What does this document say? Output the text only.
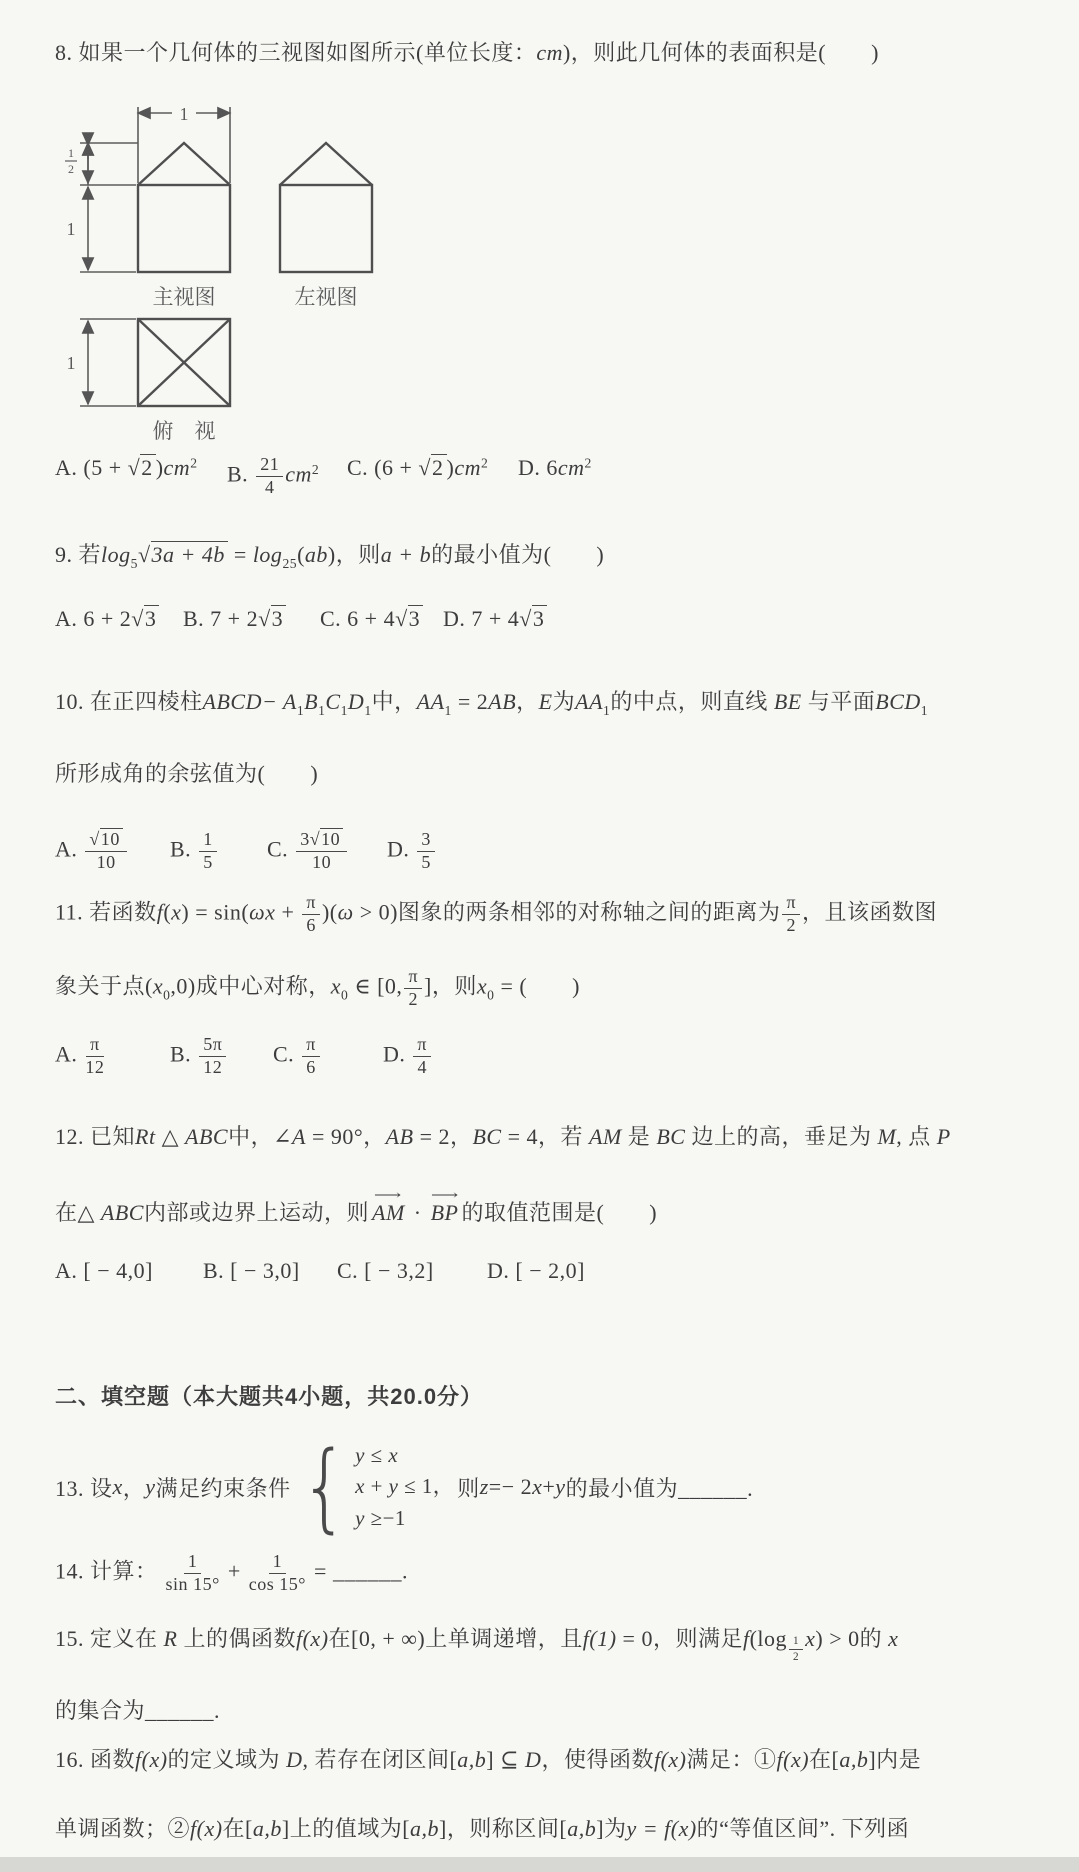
8. 如果一个几何体的三视图如图所示(单位长度：cm)，则此几何体的表面积是(　　)
1
1
2
1
主视图	左视图
1
俯　视
A. (5 + √2 )$cm^2$ B. $\frac{21}{4} cm^2$ C. (6 + √2 )$cm^2$ D. $6cm^2$
9. 若$\log_5√3a + 4b = \log_{25}(ab)$，则a + b的最小值为(　　)
A. 6 + 2√3 B. 7 + 2√3 C. 6 + 4√3 D. 7 + 4√3
10. 在正四棱柱ABCD− $A_1B_1C_1D_1$中，$AA_1 = 2AB$，E为$AA_1$的中点，则直线 BE 与平面$BCD_1$
所形成角的余弦值为(　　)
A. $\frac{√10}{10} B$. $\frac{1}{5} C$. $\frac{3√10}{10} D$. $\frac{3}{5}$
11. 若函数$f(x) = \sin(\omega x + \frac{\pi}{6} )(\omega > 0)$图象的两条相邻的对称轴之间的距离为 $\frac{\pi}{2}$ ，且该函数图
象关于点$(x_0,0)$成中心对称，$x_0$ ∈ [0, $\frac{\pi}{2}$ ]，则$x_0$ = (　　)
A. $\frac{\pi}{12}$	B. $\frac{5\pi}{12} C$. $\frac{\pi}{6}$	D. $\frac{\pi}{4}$
12. 已知Rt △ ABC中，∠A = 90°，AB = 2，BC = 4，若 AM 是 BC 边上的高，垂足为 M, 点 P
在△ ABC内部或边界上运动，则 AM ⟶ · BP ⟶ 的取值范围是(　　)
A. [ − 4,0] B. [ − 3,0] C. [ − 3,2] D. [ − 2,0]
二、填空题（本大题共4小题，共20.0分）
13. 设 x ， y 满足约束条件 { y ≤ x
x + y ≤ 1，
y ≥−1
则 z =− 2 x + y 的最小值为______.
14. 计算： $\frac{1}{\sin 15^\circ} + \frac{1}{\cos 15^\circ}$ = ______.
15. 定义在 R 上的偶函数f(x)在[0, + ∞)上单调递增，且f(1) = 0，则满足f(log $_{\frac{1}{2}}$ x) > 0的 x
的集合为______.
16. 函数f(x)的定义域为 D, 若存在闭区间[a,b] ⊆ D，使得函数f(x)满足：①f(x)在[a,b]内是
单调函数；②f(x)在[a,b]上的值域为[a,b]，则称区间[a,b]为y = f(x)的“等值区间”. 下列函
